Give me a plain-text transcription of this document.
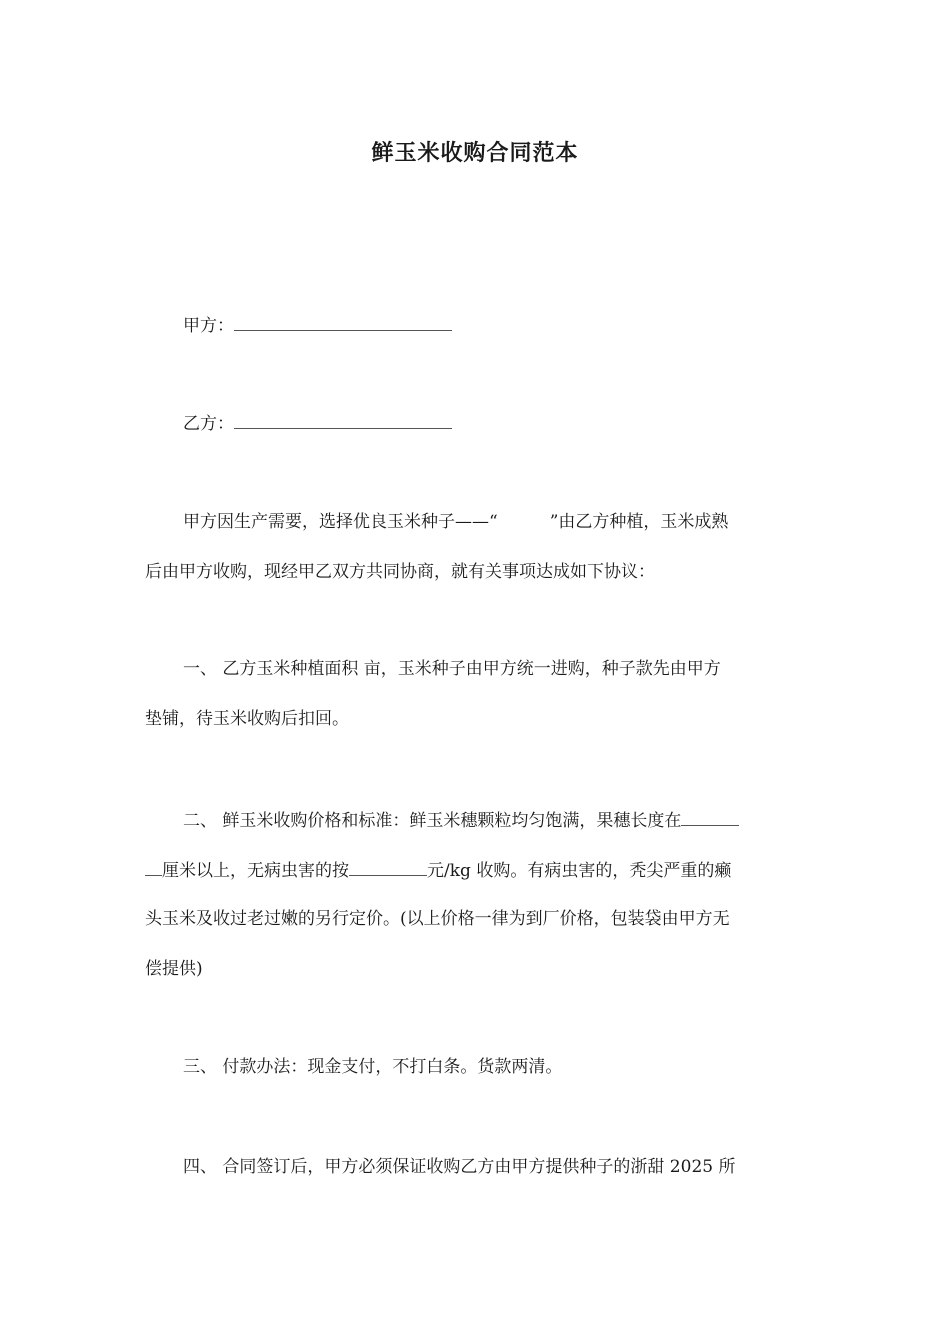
鲜玉米收购合同范本
甲方：
乙方：
甲方因生产需要，选择优良玉米种子——“	”由乙方种植，玉米成熟
后由甲方收购，现经甲乙双方共同协商，就有关事项达成如下协议：
一、 乙方玉米种植面积 亩，玉米种子由甲方统一进购，种子款先由甲方
垫铺，待玉米收购后扣回。
二、 鲜玉米收购价格和标准：鲜玉米穗颗粒均匀饱满，果穗长度在
厘米以上，无病虫害的按	元/kg 收购。有病虫害的，秃尖严重的癞
头玉米及收过老过嫩的另行定价。(以上价格一律为到厂价格，包装袋由甲方无
偿提供)
三、 付款办法：现金支付，不打白条。货款两清。
四、 合同签订后，甲方必须保证收购乙方由甲方提供种子的浙甜 2025 所
